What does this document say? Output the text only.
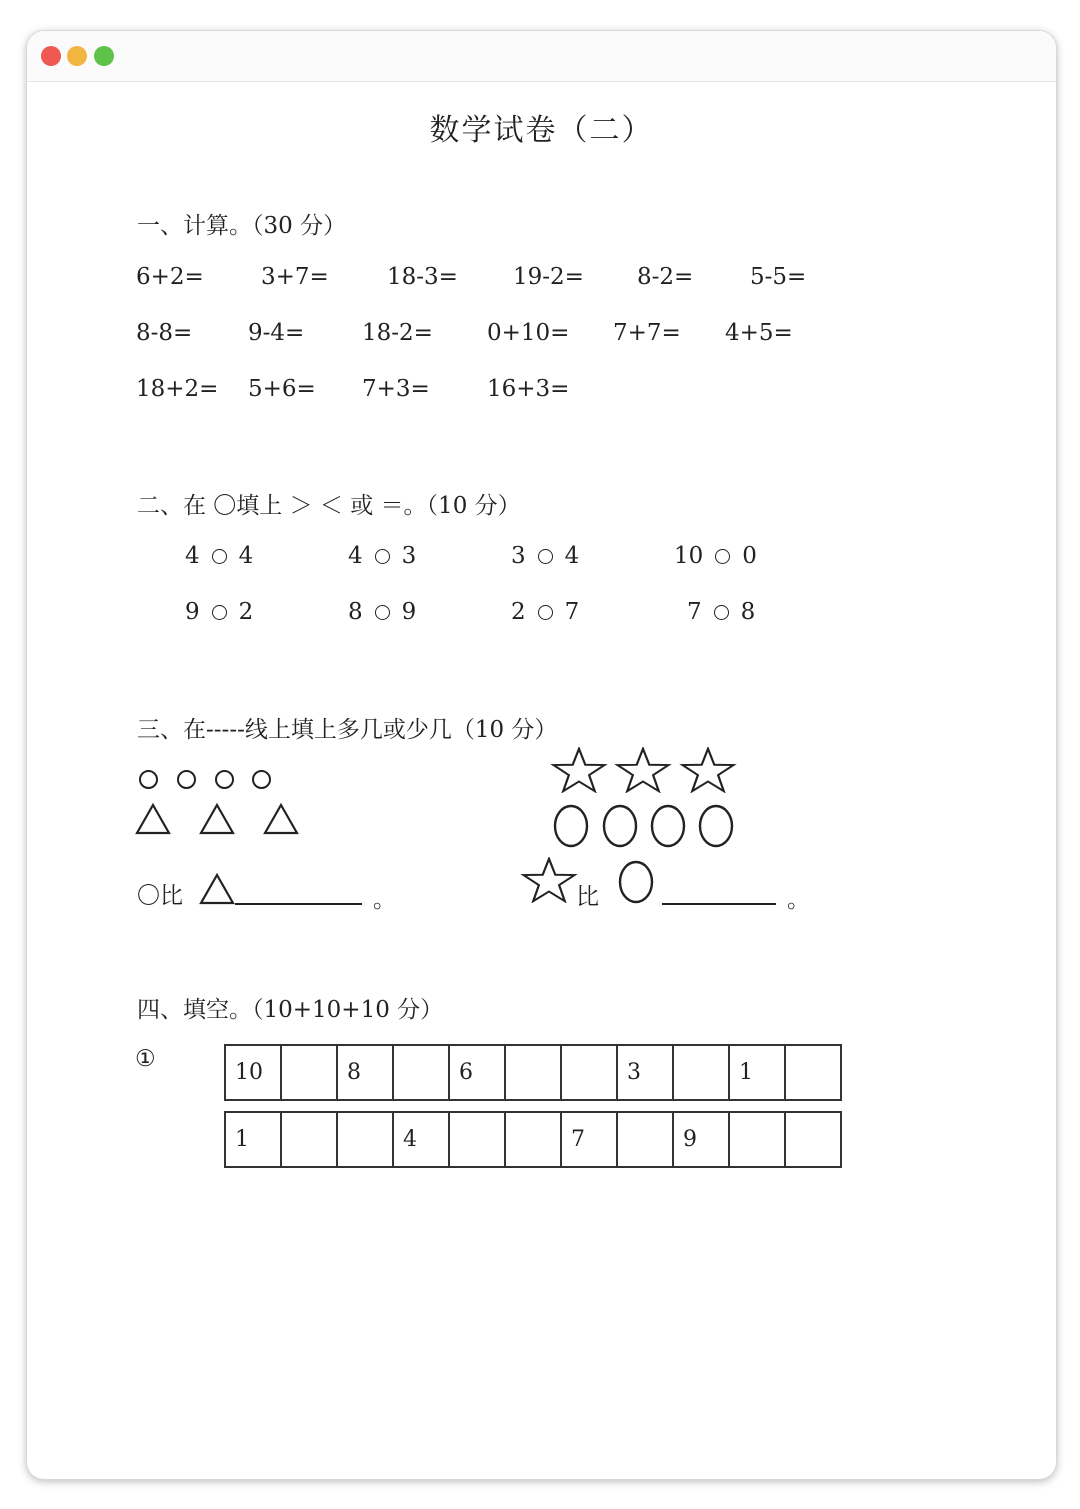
数学试卷（二）
一、计算。（30 分）
6+2= 3+7=	18-3= 19-2= 8-2= 5-5=
8-8= 9-4=	18-2= 0+10= 7+7= 4+5=
18+2= 5+6= 7+3= 16+3=
二、在 〇填上 ＞ ＜ 或 ＝。（10 分）
4 4	4 3	3 4	10 0
9 2	8 9	2 7	7 8
三、在-----线上填上多几或少几（10 分）
〇比	。	比	。
四、填空。（10+10+10 分）
①
10		8		6			3		1	
1			4			7		9		
